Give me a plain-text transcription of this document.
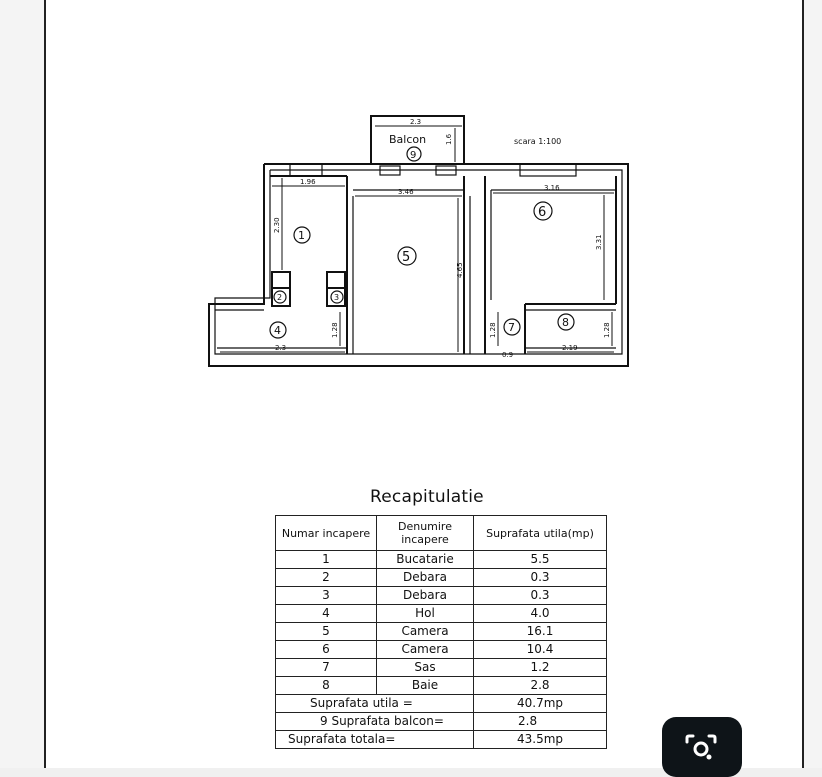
scara 1:100
Balcon
1
2	3
4
5
6
7	8
9
2.3
1.6
1.96
2.30
3.46
4.65
3.16
3.31
2.3
1.28	1.28
0.9
2.19
1.28
Recapitulatie
Numar incapere	Denumire incapere	Suprafata utila(mp)
1	Bucatarie	5.5
2	Debara	0.3
3	Debara	0.3
4	Hol	4.0
5	Camera	16.1
6	Camera	10.4
7	Sas	1.2
8	Baie	2.8
Suprafata utila =		40.7mp
9 Suprafata balcon=		2.8
Suprafata totala=		43.5mp
